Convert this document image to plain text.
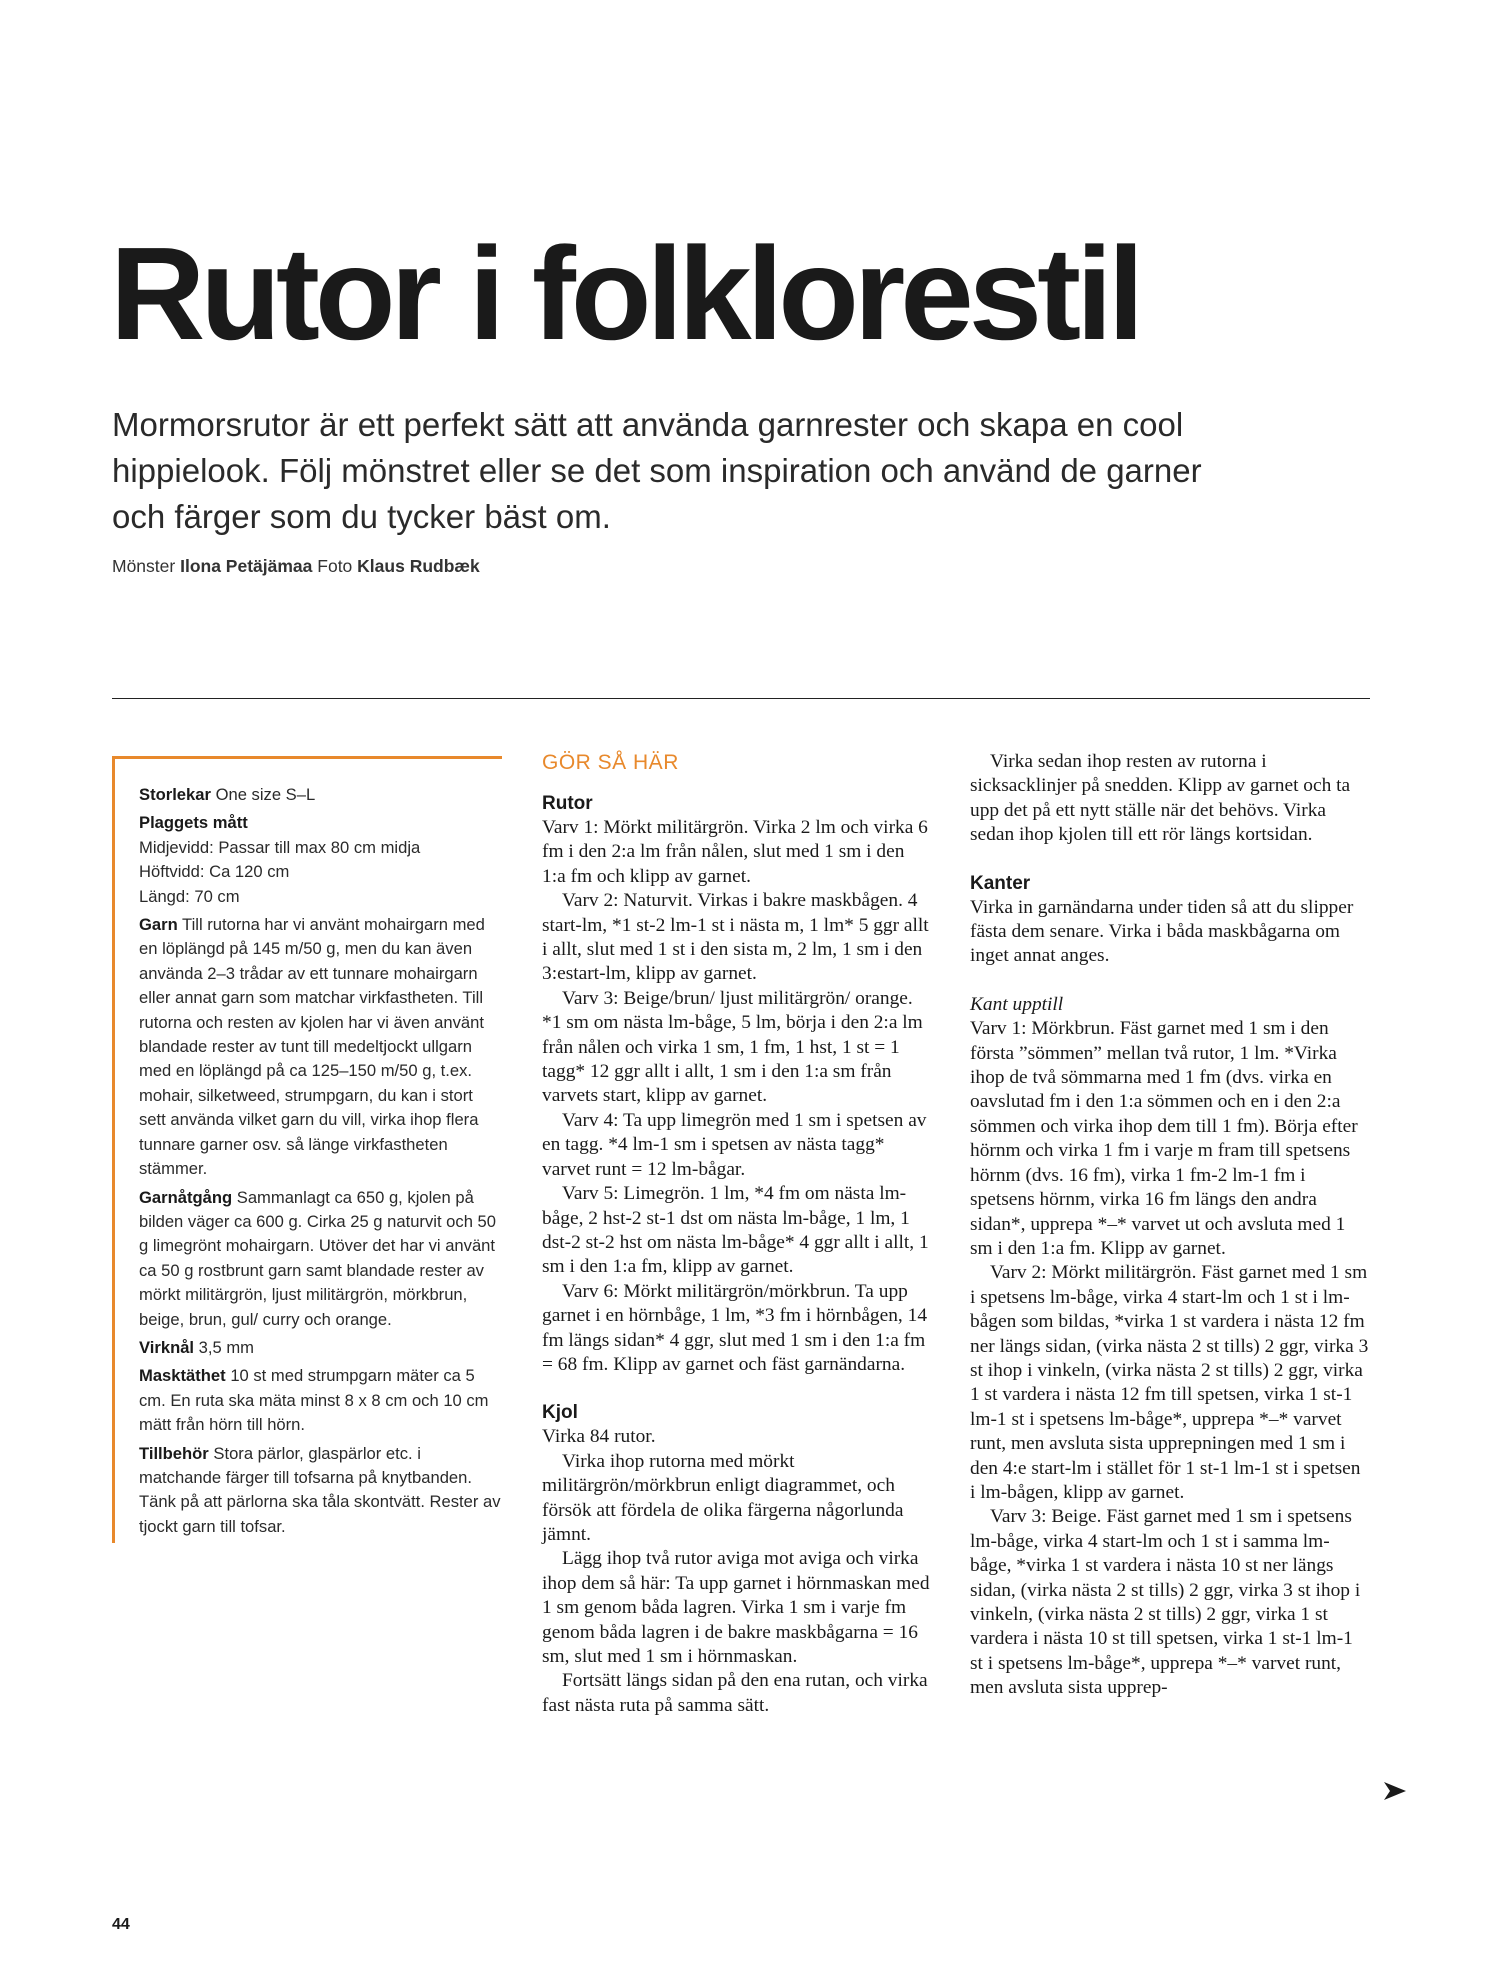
Rutor i folklorestil

Mormorsrutor är ett perfekt sätt att använda garnrester och skapa en cool hippielook. Följ mönstret eller se det som inspiration och använd de garner och färger som du tycker bäst om.

Mönster Ilona Petäjämaa Foto Klaus Rudbæk

Storlekar One size S–L

Plaggets mått
Midjevidd: Passar till max 80 cm midja
Höftvidd: Ca 120 cm
Längd: 70 cm

Garn Till rutorna har vi använt mohairgarn med en löplängd på 145 m/50 g, men du kan även använda 2–3 trådar av ett tunnare mohairgarn eller annat garn som matchar virkfastheten. Till rutorna och resten av kjolen har vi även använt blandade rester av tunt till medeltjockt ullgarn med en löplängd på ca 125–150 m/50 g, t.ex. mohair, silketweed, strumpgarn, du kan i stort sett använda vilket garn du vill, virka ihop flera tunnare garner osv. så länge virkfastheten stämmer.

Garnåtgång Sammanlagt ca 650 g, kjolen på bilden väger ca 600 g. Cirka 25 g naturvit och 50 g limegrönt mohairgarn. Utöver det har vi använt ca 50 g rostbrunt garn samt blandade rester av mörkt militärgrön, ljust militärgrön, mörkbrun, beige, brun, gul/ curry och orange.

Virknål 3,5 mm

Masktäthet 10 st med strumpgarn mäter ca 5 cm. En ruta ska mäta minst 8 x 8 cm och 10 cm mätt från hörn till hörn.

Tillbehör Stora pärlor, glaspärlor etc. i matchande färger till tofsarna på knytbanden. Tänk på att pärlorna ska tåla skontvätt. Rester av tjockt garn till tofsar.

GÖR SÅ HÄR

Rutor

Varv 1: Mörkt militärgrön. Virka 2 lm och virka 6 fm i den 2:a lm från nålen, slut med 1 sm i den 1:a fm och klipp av garnet.

Varv 2: Naturvit. Virkas i bakre maskbågen. 4 start-lm, *1 st-2 lm-1 st i nästa m, 1 lm* 5 ggr allt i allt, slut med 1 st i den sista m, 2 lm, 1 sm i den 3:estart-lm, klipp av garnet.

Varv 3: Beige/brun/ ljust militärgrön/ orange. *1 sm om nästa lm-båge, 5 lm, börja i den 2:a lm från nålen och virka 1 sm, 1 fm, 1 hst, 1 st = 1 tagg* 12 ggr allt i allt, 1 sm i den 1:a sm från varvets start, klipp av garnet.

Varv 4: Ta upp limegrön med 1 sm i spetsen av en tagg. *4 lm-1 sm i spetsen av nästa tagg* varvet runt = 12 lm-bågar.

Varv 5: Limegrön. 1 lm, *4 fm om nästa lm-båge, 2 hst-2 st-1 dst om nästa lm-båge, 1 lm, 1 dst-2 st-2 hst om nästa lm-båge* 4 ggr allt i allt, 1 sm i den 1:a fm, klipp av garnet.

Varv 6: Mörkt militärgrön/mörkbrun. Ta upp garnet i en hörnbåge, 1 lm, *3 fm i hörnbågen, 14 fm längs sidan* 4 ggr, slut med 1 sm i den 1:a fm = 68 fm. Klipp av garnet och fäst garnändarna.

Kjol

Virka 84 rutor.

Virka ihop rutorna med mörkt militärgrön/mörkbrun enligt diagrammet, och försök att fördela de olika färgerna någorlunda jämnt.

Lägg ihop två rutor aviga mot aviga och virka ihop dem så här: Ta upp garnet i hörnmaskan med 1 sm genom båda lagren. Virka 1 sm i varje fm genom båda lagren i de bakre maskbågarna = 16 sm, slut med 1 sm i hörnmaskan.

Fortsätt längs sidan på den ena rutan, och virka fast nästa ruta på samma sätt.

Virka sedan ihop resten av rutorna i sicksacklinjer på snedden. Klipp av garnet och ta upp det på ett nytt ställe när det behövs. Virka sedan ihop kjolen till ett rör längs kortsidan.

Kanter

Virka in garnändarna under tiden så att du slipper fästa dem senare. Virka i båda maskbågarna om inget annat anges.

Kant upptill

Varv 1: Mörkbrun. Fäst garnet med 1 sm i den första ”sömmen” mellan två rutor, 1 lm. *Virka ihop de två sömmarna med 1 fm (dvs. virka en oavslutad fm i den 1:a sömmen och en i den 2:a sömmen och virka ihop dem till 1 fm). Börja efter hörnm och virka 1 fm i varje m fram till spetsens hörnm (dvs. 16 fm), virka 1 fm-2 lm-1 fm i spetsens hörnm, virka 16 fm längs den andra sidan*, upprepa *–* varvet ut och avsluta med 1 sm i den 1:a fm. Klipp av garnet.

Varv 2: Mörkt militärgrön. Fäst garnet med 1 sm i spetsens lm-båge, virka 4 start-lm och 1 st i lm-bågen som bildas, *virka 1 st vardera i nästa 12 fm ner längs sidan, (virka nästa 2 st tills) 2 ggr, virka 3 st ihop i vinkeln, (virka nästa 2 st tills) 2 ggr, virka 1 st vardera i nästa 12 fm till spetsen, virka 1 st-1 lm-1 st i spetsens lm-båge*, upprepa *–* varvet runt, men avsluta sista upprepningen med 1 sm i den 4:e start-lm i stället för 1 st-1 lm-1 st i spetsen i lm-bågen, klipp av garnet.

Varv 3: Beige. Fäst garnet med 1 sm i spetsens lm-båge, virka 4 start-lm och 1 st i samma lm-båge, *virka 1 st vardera i nästa 10 st ner längs sidan, (virka nästa 2 st tills) 2 ggr, virka 3 st ihop i vinkeln, (virka nästa 2 st tills) 2 ggr, virka 1 st vardera i nästa 10 st till spetsen, virka 1 st-1 lm-1 st i spetsens lm-båge*, upprepa *–* varvet runt, men avsluta sista upprep-

44
